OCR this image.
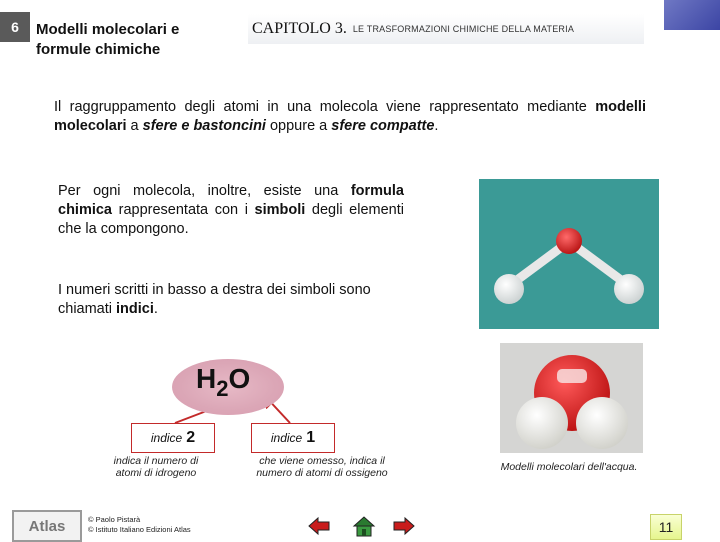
6	Modelli molecolari e formule chimiche
CAPITOLO 3. LE TRASFORMAZIONI CHIMICHE DELLA MATERIA
Il raggruppamento degli atomi in una molecola viene rappresentato mediante modelli molecolari a sfere e bastoncini oppure a sfere compatte.
Per ogni molecola, inoltre, esiste una formula chimica rappresentata con i simboli degli elementi che la compongono.
I numeri scritti in basso a destra dei simboli sono chiamati indici.
$H_2O$
indice 2	indice 1
indica il numero di atomi di idrogeno
che viene omesso, indica il numero di atomi di ossigeno	Modelli molecolari dell'acqua.
Atlas	© Paolo Pistarà
© Istituto Italiano Edizioni Atlas	11
